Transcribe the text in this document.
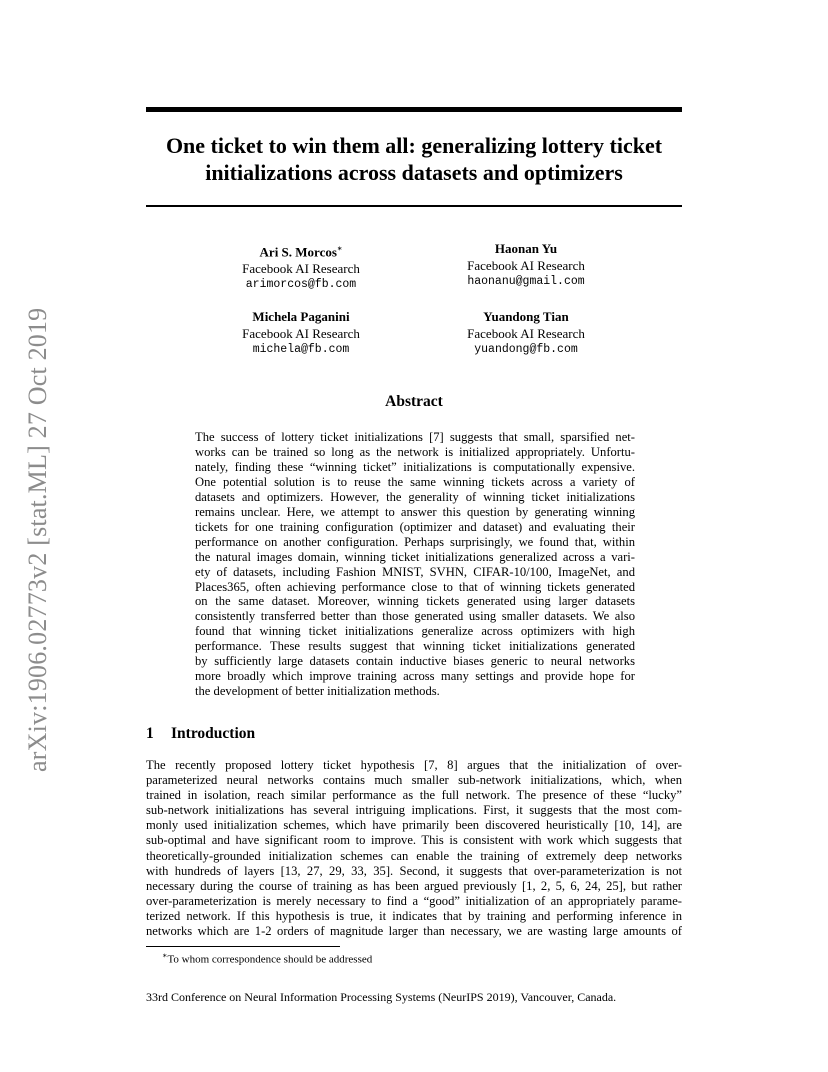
One ticket to win them all: generalizing lottery ticket
initializations across datasets and optimizers
arXiv:1906.02773v2 [stat.ML] 27 Oct 2019
Ari S. Morcos∗
Facebook AI Research
arimorcos@fb.com
Haonan Yu
Facebook AI Research
haonanu@gmail.com
Michela Paganini
Facebook AI Research
michela@fb.com
Yuandong Tian
Facebook AI Research
yuandong@fb.com
Abstract
The success of lottery ticket initializations [7] suggests that small, sparsified net-
works can be trained so long as the network is initialized appropriately. Unfortu-
nately, finding these “winning ticket” initializations is computationally expensive.
One potential solution is to reuse the same winning tickets across a variety of
datasets and optimizers. However, the generality of winning ticket initializations
remains unclear. Here, we attempt to answer this question by generating winning
tickets for one training configuration (optimizer and dataset) and evaluating their
performance on another configuration. Perhaps surprisingly, we found that, within
the natural images domain, winning ticket initializations generalized across a vari-
ety of datasets, including Fashion MNIST, SVHN, CIFAR-10/100, ImageNet, and
Places365, often achieving performance close to that of winning tickets generated
on the same dataset. Moreover, winning tickets generated using larger datasets
consistently transferred better than those generated using smaller datasets. We also
found that winning ticket initializations generalize across optimizers with high
performance. These results suggest that winning ticket initializations generated
by sufficiently large datasets contain inductive biases generic to neural networks
more broadly which improve training across many settings and provide hope for
the development of better initialization methods.
1 Introduction
The recently proposed lottery ticket hypothesis [7, 8] argues that the initialization of over-
parameterized neural networks contains much smaller sub-network initializations, which, when
trained in isolation, reach similar performance as the full network. The presence of these “lucky”
sub-network initializations has several intriguing implications. First, it suggests that the most com-
monly used initialization schemes, which have primarily been discovered heuristically [10, 14], are
sub-optimal and have significant room to improve. This is consistent with work which suggests that
theoretically-grounded initialization schemes can enable the training of extremely deep networks
with hundreds of layers [13, 27, 29, 33, 35]. Second, it suggests that over-parameterization is not
necessary during the course of training as has been argued previously [1, 2, 5, 6, 24, 25], but rather
over-parameterization is merely necessary to find a “good” initialization of an appropriately parame-
terized network. If this hypothesis is true, it indicates that by training and performing inference in
networks which are 1-2 orders of magnitude larger than necessary, we are wasting large amounts of
∗To whom correspondence should be addressed
33rd Conference on Neural Information Processing Systems (NeurIPS 2019), Vancouver, Canada.
